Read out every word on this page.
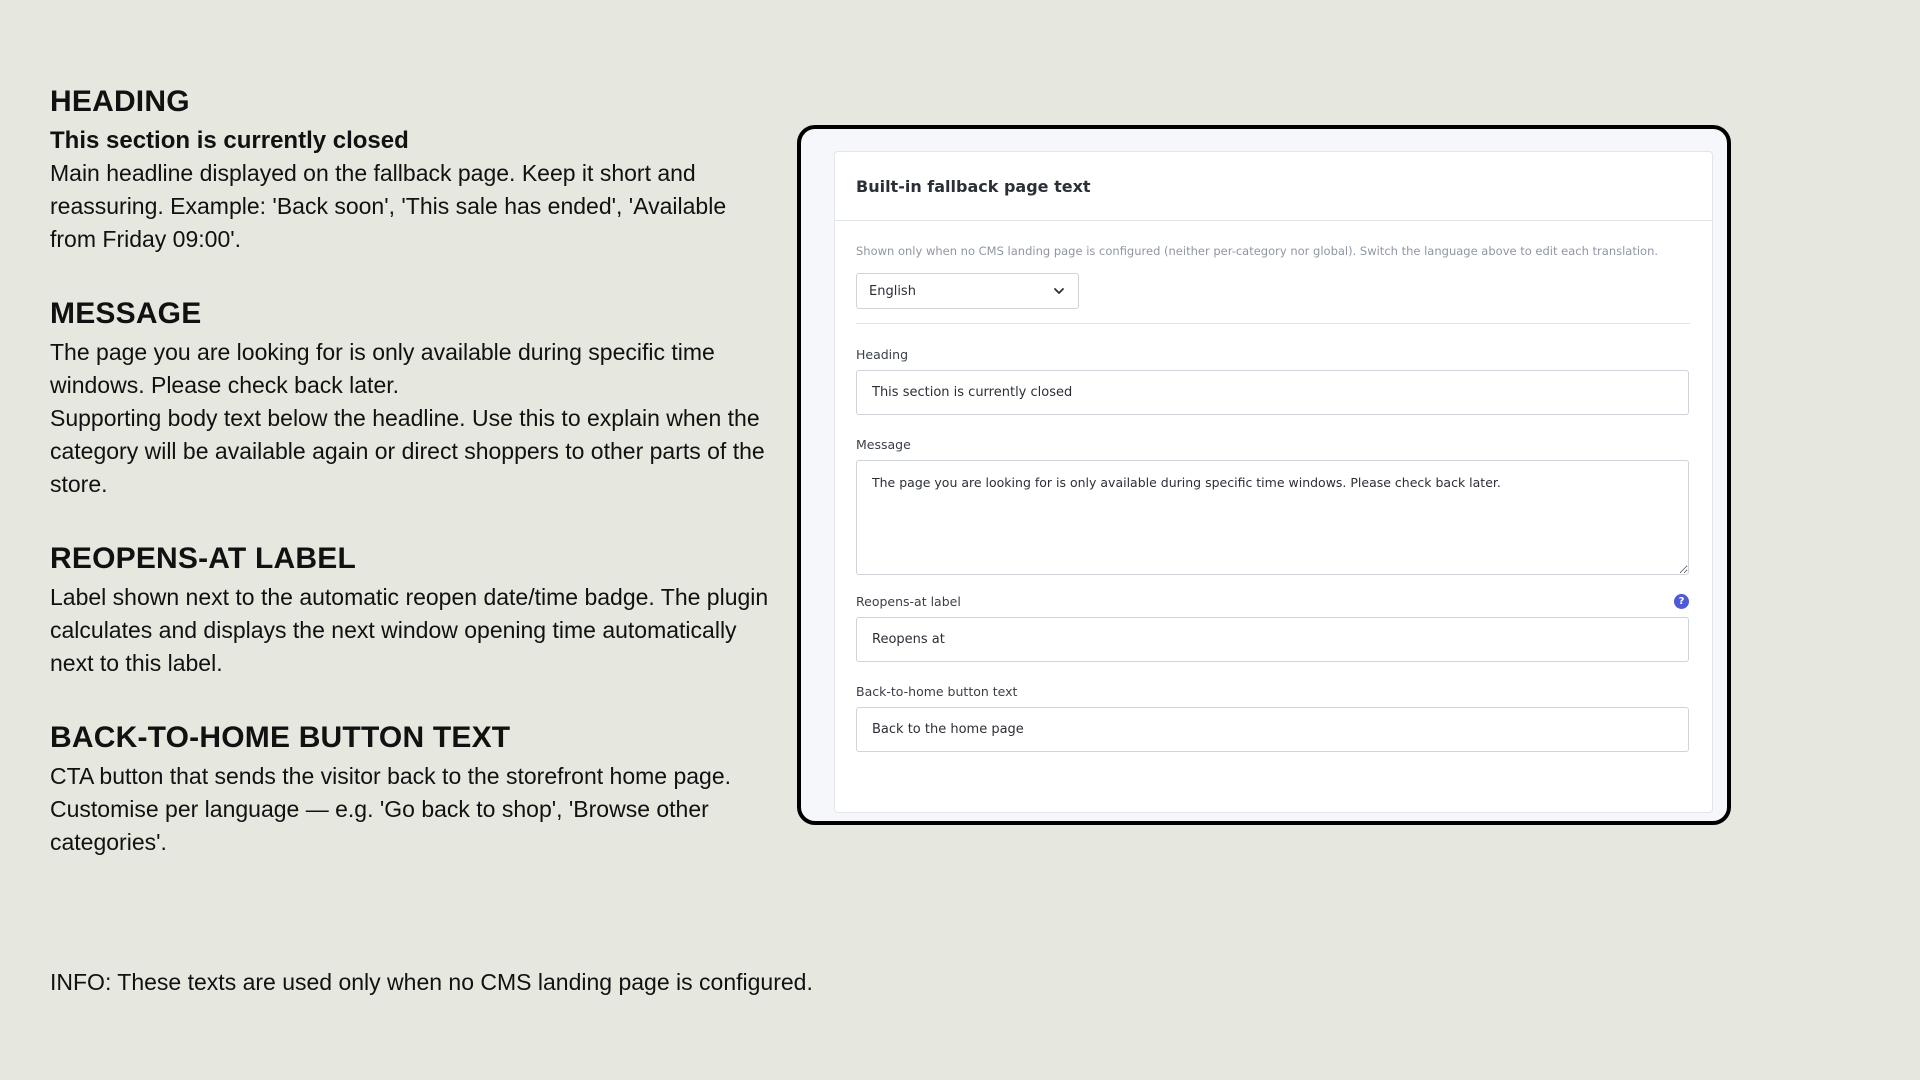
HEADING

This section is currently closed

Main headline displayed on the fallback page. Keep it short and reassuring. Example: 'Back soon', 'This sale has ended', 'Available from Friday 09:00'.

MESSAGE

The page you are looking for is only available during specific time windows. Please check back later.

Supporting body text below the headline. Use this to explain when the category will be available again or direct shoppers to other parts of the store.

REOPENS-AT LABEL

Label shown next to the automatic reopen date/time badge. The plugin calculates and displays the next window opening time automatically next to this label.

BACK-TO-HOME BUTTON TEXT

CTA button that sends the visitor back to the storefront home page. Customise per language — e.g. 'Go back to shop', 'Browse other categories'.

INFO: These texts are used only when no CMS landing page is configured.
Built-in fallback page text

Shown only when no CMS landing page is configured (neither per-category nor global). Switch the language above to edit each translation.

English
Heading
This section is currently closed
Message
The page you are looking for is only available during specific time windows. Please check back later.
Reopens-at label	?
Reopens at
Back-to-home button text
Back to the home page
